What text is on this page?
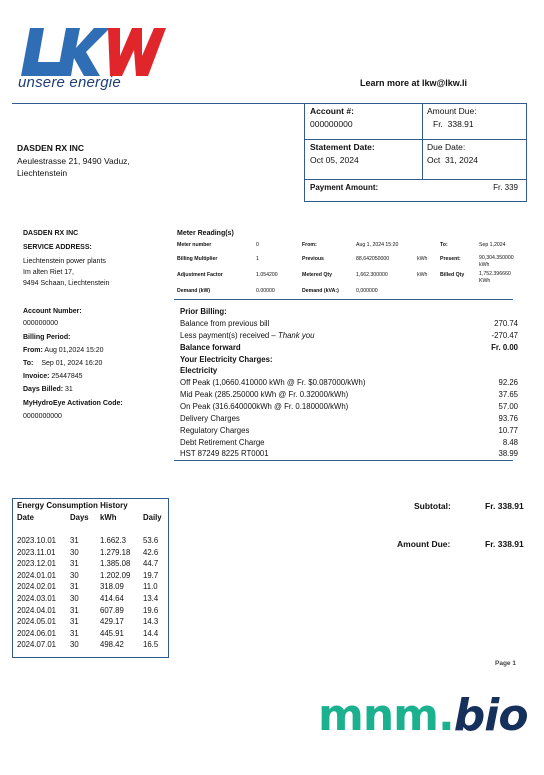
unsere energie	Learn more at lkw@lkw.li
Account #:
000000000
Amount Due:
Fr.  338.91
Statement Date:
Oct 05, 2024
Due Date:
Oct  31, 2024
Payment Amount:	Fr. 339
DASDEN RX INC
Aeulestrasse 21, 9490 Vaduz,
Liechtenstein
DASDEN RX INC
SERVICE ADDRESS:
Liechtenstein power plants
Im alten Riet 17,
9494 Schaan, Liechtenstein
Meter Reading(s)
Meter number	0	From:	Aug 1, 2024 15:20	To:	Sep 1,2024
Billing Multiplier	1	Previous	88,642050000	kWh Present:	90,304.350000 kWh
Adjustment Factor	1.054200	Metered Qty	1,662.300000	kWh Billed Qty	1,752.396660 KWh
Demand (kW)	0.00000	Demand (kVA:)	0,000000
Account Number:
000000000
Billing Period:
From: Aug 01,2024 15:20
To: Sep 01, 2024 16:20
Invoice: 25447845
Days Billed: 31
MyHydroEye Activation Code:
0000000000
Prior Billing:
Balance from previous bill	270.74
Less payment(s) received – Thank you	-270.47
Balance forward	Fr. 0.00
Your Electricity Charges:
Electricity
Off Peak (1,0660.410000 kWh @ Fr. $0.087000/kWh)	92.26
Mid Peak (285.250000 kWh @ Fr. 0.32000/kWh)	37.65
On Peak (316.640000kWh @ Fr. 0.180000/kWh)	57.00
Delivery Charges	93.76
Regulatory Charges	10.77
Debt Retirement Charge	8.48
HST 87249 8225 RT0001	38.99
Energy Consumption History
Date	Days kWh	Daily
2023.10.01 31	1.662.3 53.6
2023.11.01 30	1.279.18 42.6
2023.12.01 31	1.385.08 44.7
2024.01.01 30	1.202.09 19.7
2024.02.01 31	318.09 11.0
2024.03.01 30	414.64 13.4
2024.04.01 31	607.89 19.6
2024.05.01 31	429.17 14.3
2024.06.01 31	445.91 14.4
2024.07.01 30	498.42 16.5
Subtotal:	Fr. 338.91
Amount Due:	Fr. 338.91
Page 1
mnm.bio
